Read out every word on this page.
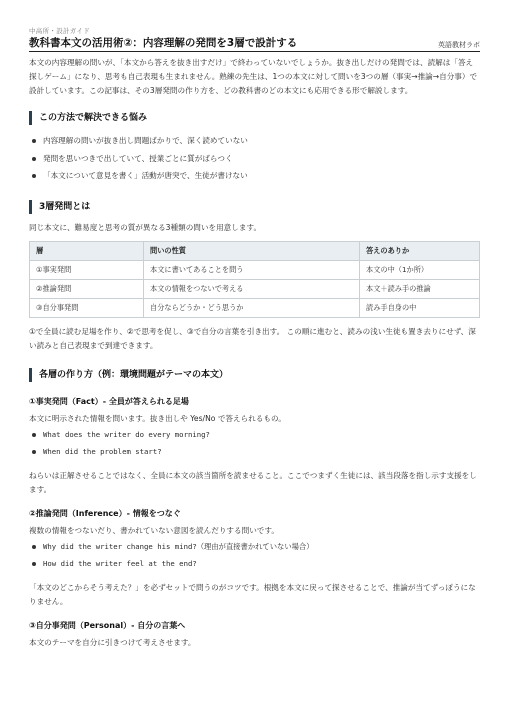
中高所・設計ガイド
教科書本文の活用術②：内容理解の発問を3層で設計する	英語教材ラボ

本文の内容理解の問いが、「本文から答えを抜き出すだけ」で終わっていないでしょうか。抜き出しだけの発問では、読解は「答え探しゲーム」になり、思考も自己表現も生まれません。熟練の先生は、1つの本文に対して問いを3つの層（事実→推論→自分事）で設計しています。この記事は、その3層発問の作り方を、どの教科書のどの本文にも応用できる形で解説します。

この方法で解決できる悩み
内容理解の問いが抜き出し問題ばかりで、深く読めていない
発問を思いつきで出していて、授業ごとに質がばらつく
「本文について意見を書く」活動が唐突で、生徒が書けない
3層発問とは

同じ本文に、難易度と思考の質が異なる3種類の問いを用意します。

層	問いの性質	答えのありか
①事実発問	本文に書いてあることを問う	本文の中（1か所）
②推論発問	本文の情報をつないで考える	本文＋読み手の推論
③自分事発問	自分ならどうか・どう思うか	読み手自身の中

①で全員に読む足場を作り、②で思考を促し、③で自分の言葉を引き出す。 この順に進むと、読みの浅い生徒も置き去りにせず、深い読みと自己表現まで到達できます。

各層の作り方（例：環境問題がテーマの本文）
①事実発問（Fact）- 全員が答えられる足場

本文に明示された情報を問います。抜き出しや Yes/No で答えられるもの。

What does the writer do every morning?
When did the problem start?

ねらいは正解させることではなく、全員に本文の該当箇所を読ませること。ここでつまずく生徒には、該当段落を指し示す支援をします。

②推論発問（Inference）- 情報をつなぐ

複数の情報をつないだり、書かれていない意図を読んだりする問いです。

Why did the writer change his mind?（理由が直接書かれていない場合）
How did the writer feel at the end?

「本文のどこからそう考えた？」を必ずセットで問うのがコツです。根拠を本文に戻って探させることで、推論が当てずっぽうになりません。

③自分事発問（Personal）- 自分の言葉へ

本文のテーマを自分に引きつけて考えさせます。
